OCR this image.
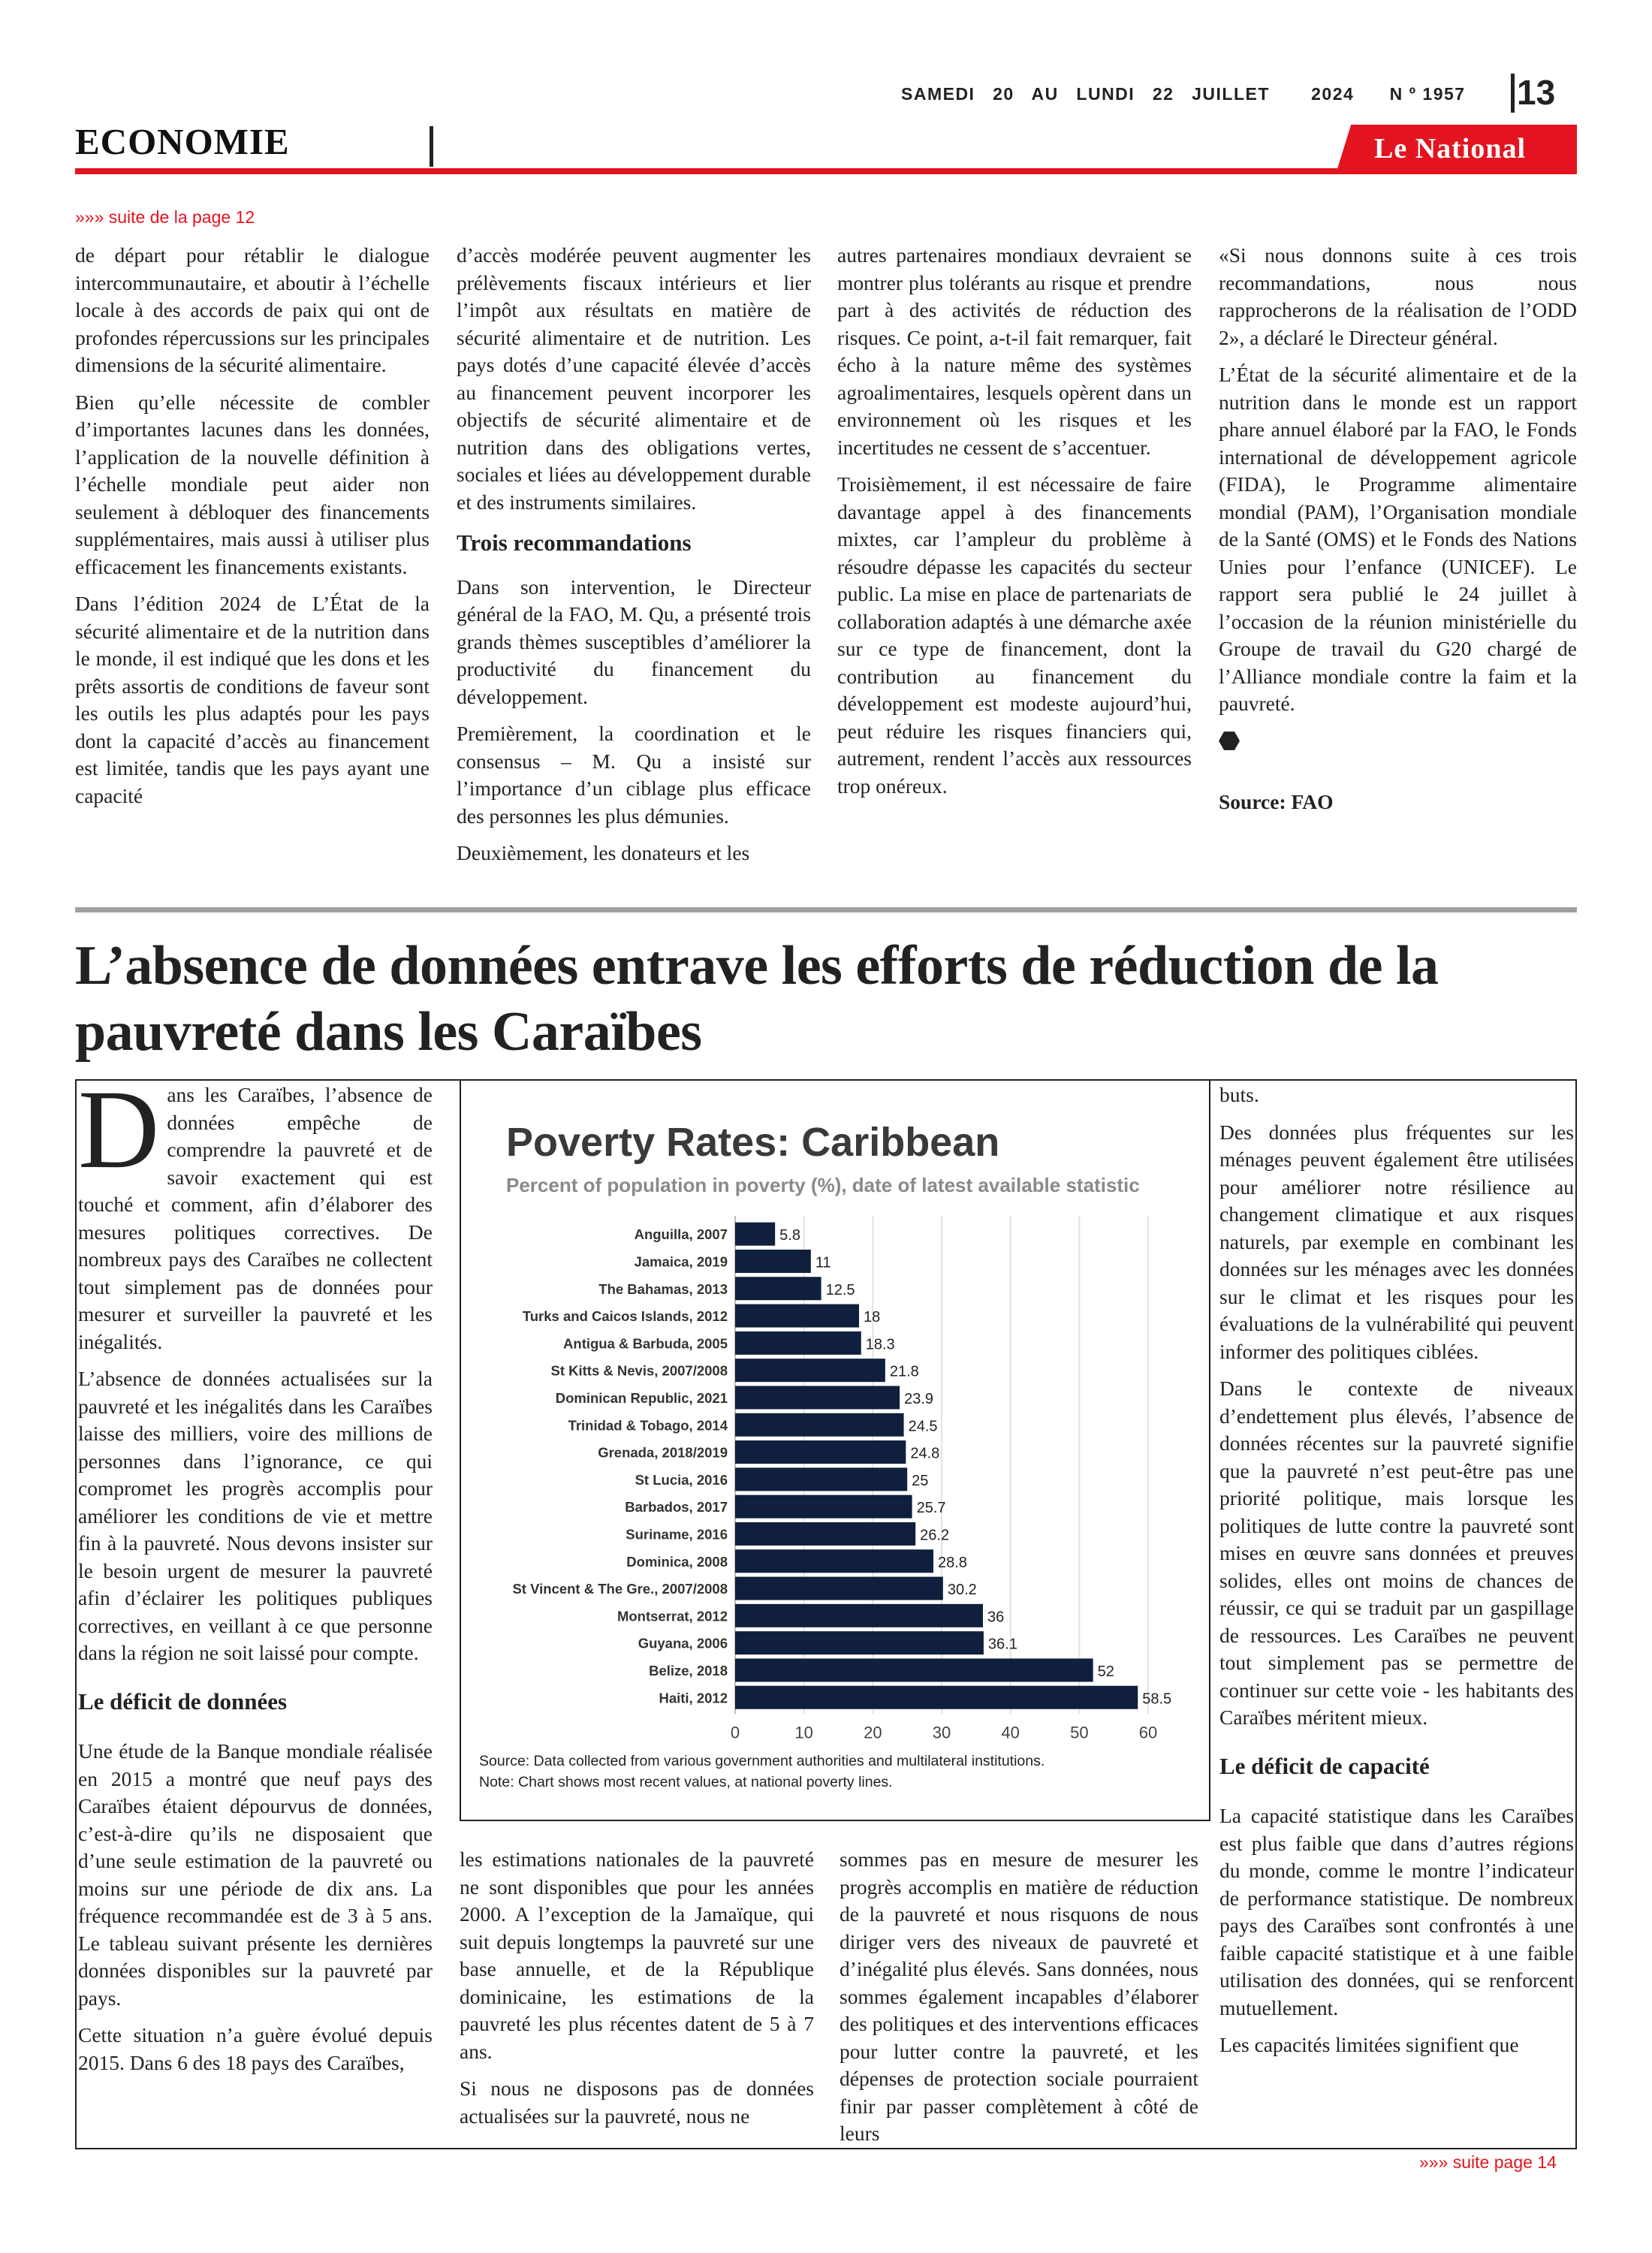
SAMEDI   20   AU   LUNDI   22   JUILLET       2024      N º 1957 13
ECONOMIE	Le National
»»» suite de la page 12

de départ pour rétablir le dialogue intercommunautaire, et aboutir à l’échelle locale à des accords de paix qui ont de profondes répercussions sur les principales dimensions de la sécurité alimentaire.

Bien qu’elle nécessite de combler d’importantes lacunes dans les données, l’application de la nouvelle définition à l’échelle mondiale peut aider non seulement à débloquer des financements supplémentaires, mais aussi à utiliser plus efficacement les financements existants.

Dans l’édition 2024 de L’État de la sécurité alimentaire et de la nutrition dans le monde, il est indiqué que les dons et les prêts assortis de conditions de faveur sont les outils les plus adaptés pour les pays dont la capacité d’accès au financement est limitée, tandis que les pays ayant une capacité

d’accès modérée peuvent augmenter les prélèvements fiscaux intérieurs et lier l’impôt aux résultats en matière de sécurité alimentaire et de nutrition. Les pays dotés d’une capacité élevée d’accès au financement peuvent incorporer les objectifs de sécurité alimentaire et de nutrition dans des obligations vertes, sociales et liées au développement durable et des instruments similaires.

Trois recommandations

Dans son intervention, le Directeur général de la FAO, M. Qu, a présenté trois grands thèmes susceptibles d’améliorer la productivité du financement du développement.

Premièrement, la coordination et le consensus – M. Qu a insisté sur l’importance d’un ciblage plus efficace des personnes les plus démunies.

Deuxièmement, les donateurs et les

autres partenaires mondiaux devraient se montrer plus tolérants au risque et prendre part à des activités de réduction des risques. Ce point, a-t-il fait remarquer, fait écho à la nature même des systèmes agroalimentaires, lesquels opèrent dans un environnement où les risques et les incertitudes ne cessent de s’accentuer.

Troisièmement, il est nécessaire de faire davantage appel à des financements mixtes, car l’ampleur du problème à résoudre dépasse les capacités du secteur public. La mise en place de partenariats de collaboration adaptés à une démarche axée sur ce type de financement, dont la contribution au financement du développement est modeste aujourd’hui, peut réduire les risques financiers qui, autrement, rendent l’accès aux ressources trop onéreux.

«Si nous donnons suite à ces trois recommandations, nous nous rapprocherons de la réalisation de l’ODD 2», a déclaré le Directeur général.

L’État de la sécurité alimentaire et de la nutrition dans le monde est un rapport phare annuel élaboré par la FAO, le Fonds international de développement agricole (FIDA), le Programme alimentaire mondial (PAM), l’Organisation mondiale de la Santé (OMS) et le Fonds des Nations Unies pour l’enfance (UNICEF). Le rapport sera publié le 24 juillet à l’occasion de la réunion ministérielle du Groupe de travail du G20 chargé de l’Alliance mondiale contre la faim et la pauvreté.

Source: FAO

L’absence de données entrave les efforts de réduction de la pauvreté dans les Caraïbes

Dans les Caraïbes, l’absence de données empêche de comprendre la pauvreté et de savoir exactement qui est touché et comment, afin d’élaborer des mesures politiques correctives. De nombreux pays des Caraïbes ne collectent tout simplement pas de données pour mesurer et surveiller la pauvreté et les inégalités.

L’absence de données actualisées sur la pauvreté et les inégalités dans les Caraïbes laisse des milliers, voire des millions de personnes dans l’ignorance, ce qui compromet les progrès accomplis pour améliorer les conditions de vie et mettre fin à la pauvreté. Nous devons insister sur le besoin urgent de mesurer la pauvreté afin d’éclairer les politiques publiques correctives, en veillant à ce que personne dans la région ne soit laissé pour compte.

Le déficit de données

Une étude de la Banque mondiale réalisée en 2015 a montré que neuf pays des Caraïbes étaient dépourvus de données, c’est-à-dire qu’ils ne disposaient que d’une seule estimation de la pauvreté ou moins sur une période de dix ans. La fréquence recommandée est de 3 à 5 ans. Le tableau suivant présente les dernières données disponibles sur la pauvreté par pays.

Cette situation n’a guère évolué depuis 2015. Dans 6 des 18 pays des Caraïbes,

Poverty Rates: Caribbean
Percent of population in poverty (%), date of latest available statistic
Anguilla, 2007
Jamaica, 2019
The Bahamas, 2013
Turks and Caicos Islands, 2012
Antigua & Barbuda, 2005
St Kitts & Nevis, 2007/2008
Dominican Republic, 2021
Trinidad & Tobago, 2014
Grenada, 2018/2019
St Lucia, 2016
Barbados, 2017
Suriname, 2016
Dominica, 2008
St Vincent & The Gre., 2007/2008
Montserrat, 2012
Guyana, 2006
Belize, 2018
Haiti, 2012
5.8
11
12.5
18
18.3
21.8
23.9
24.5
24.8
25
25.7
26.2
28.8
30.2
36
36.1
52
58.5
0	10	20	30	40	50	60
Source: Data collected from various government authorities and multilateral institutions.
Note: Chart shows most recent values, at national poverty lines.

les estimations nationales de la pauvreté ne sont disponibles que pour les années 2000. A l’exception de la Jamaïque, qui suit depuis longtemps la pauvreté sur une base annuelle, et de la République dominicaine, les estimations de la pauvreté les plus récentes datent de 5 à 7 ans.

Si nous ne disposons pas de données actualisées sur la pauvreté, nous ne

sommes pas en mesure de mesurer les progrès accomplis en matière de réduction de la pauvreté et nous risquons de nous diriger vers des niveaux de pauvreté et d’inégalité plus élevés. Sans données, nous sommes également incapables d’élaborer des politiques et des interventions efficaces pour lutter contre la pauvreté, et les dépenses de protection sociale pourraient finir par passer complètement à côté de leurs

buts.

Des données plus fréquentes sur les ménages peuvent également être utilisées pour améliorer notre résilience au changement climatique et aux risques naturels, par exemple en combinant les données sur les ménages avec les données sur le climat et les risques pour les évaluations de la vulnérabilité qui peuvent informer des politiques ciblées.

Dans le contexte de niveaux d’endettement plus élevés, l’absence de données récentes sur la pauvreté signifie que la pauvreté n’est peut-être pas une priorité politique, mais lorsque les politiques de lutte contre la pauvreté sont mises en œuvre sans données et preuves solides, elles ont moins de chances de réussir, ce qui se traduit par un gaspillage de ressources. Les Caraïbes ne peuvent tout simplement pas se permettre de continuer sur cette voie - les habitants des Caraïbes méritent mieux.

Le déficit de capacité

La capacité statistique dans les Caraïbes est plus faible que dans d’autres régions du monde, comme le montre l’indicateur de performance statistique. De nombreux pays des Caraïbes sont confrontés à une faible capacité statistique et à une faible utilisation des données, qui se renforcent mutuellement.

Les capacités limitées signifient que

»»» suite page 14
